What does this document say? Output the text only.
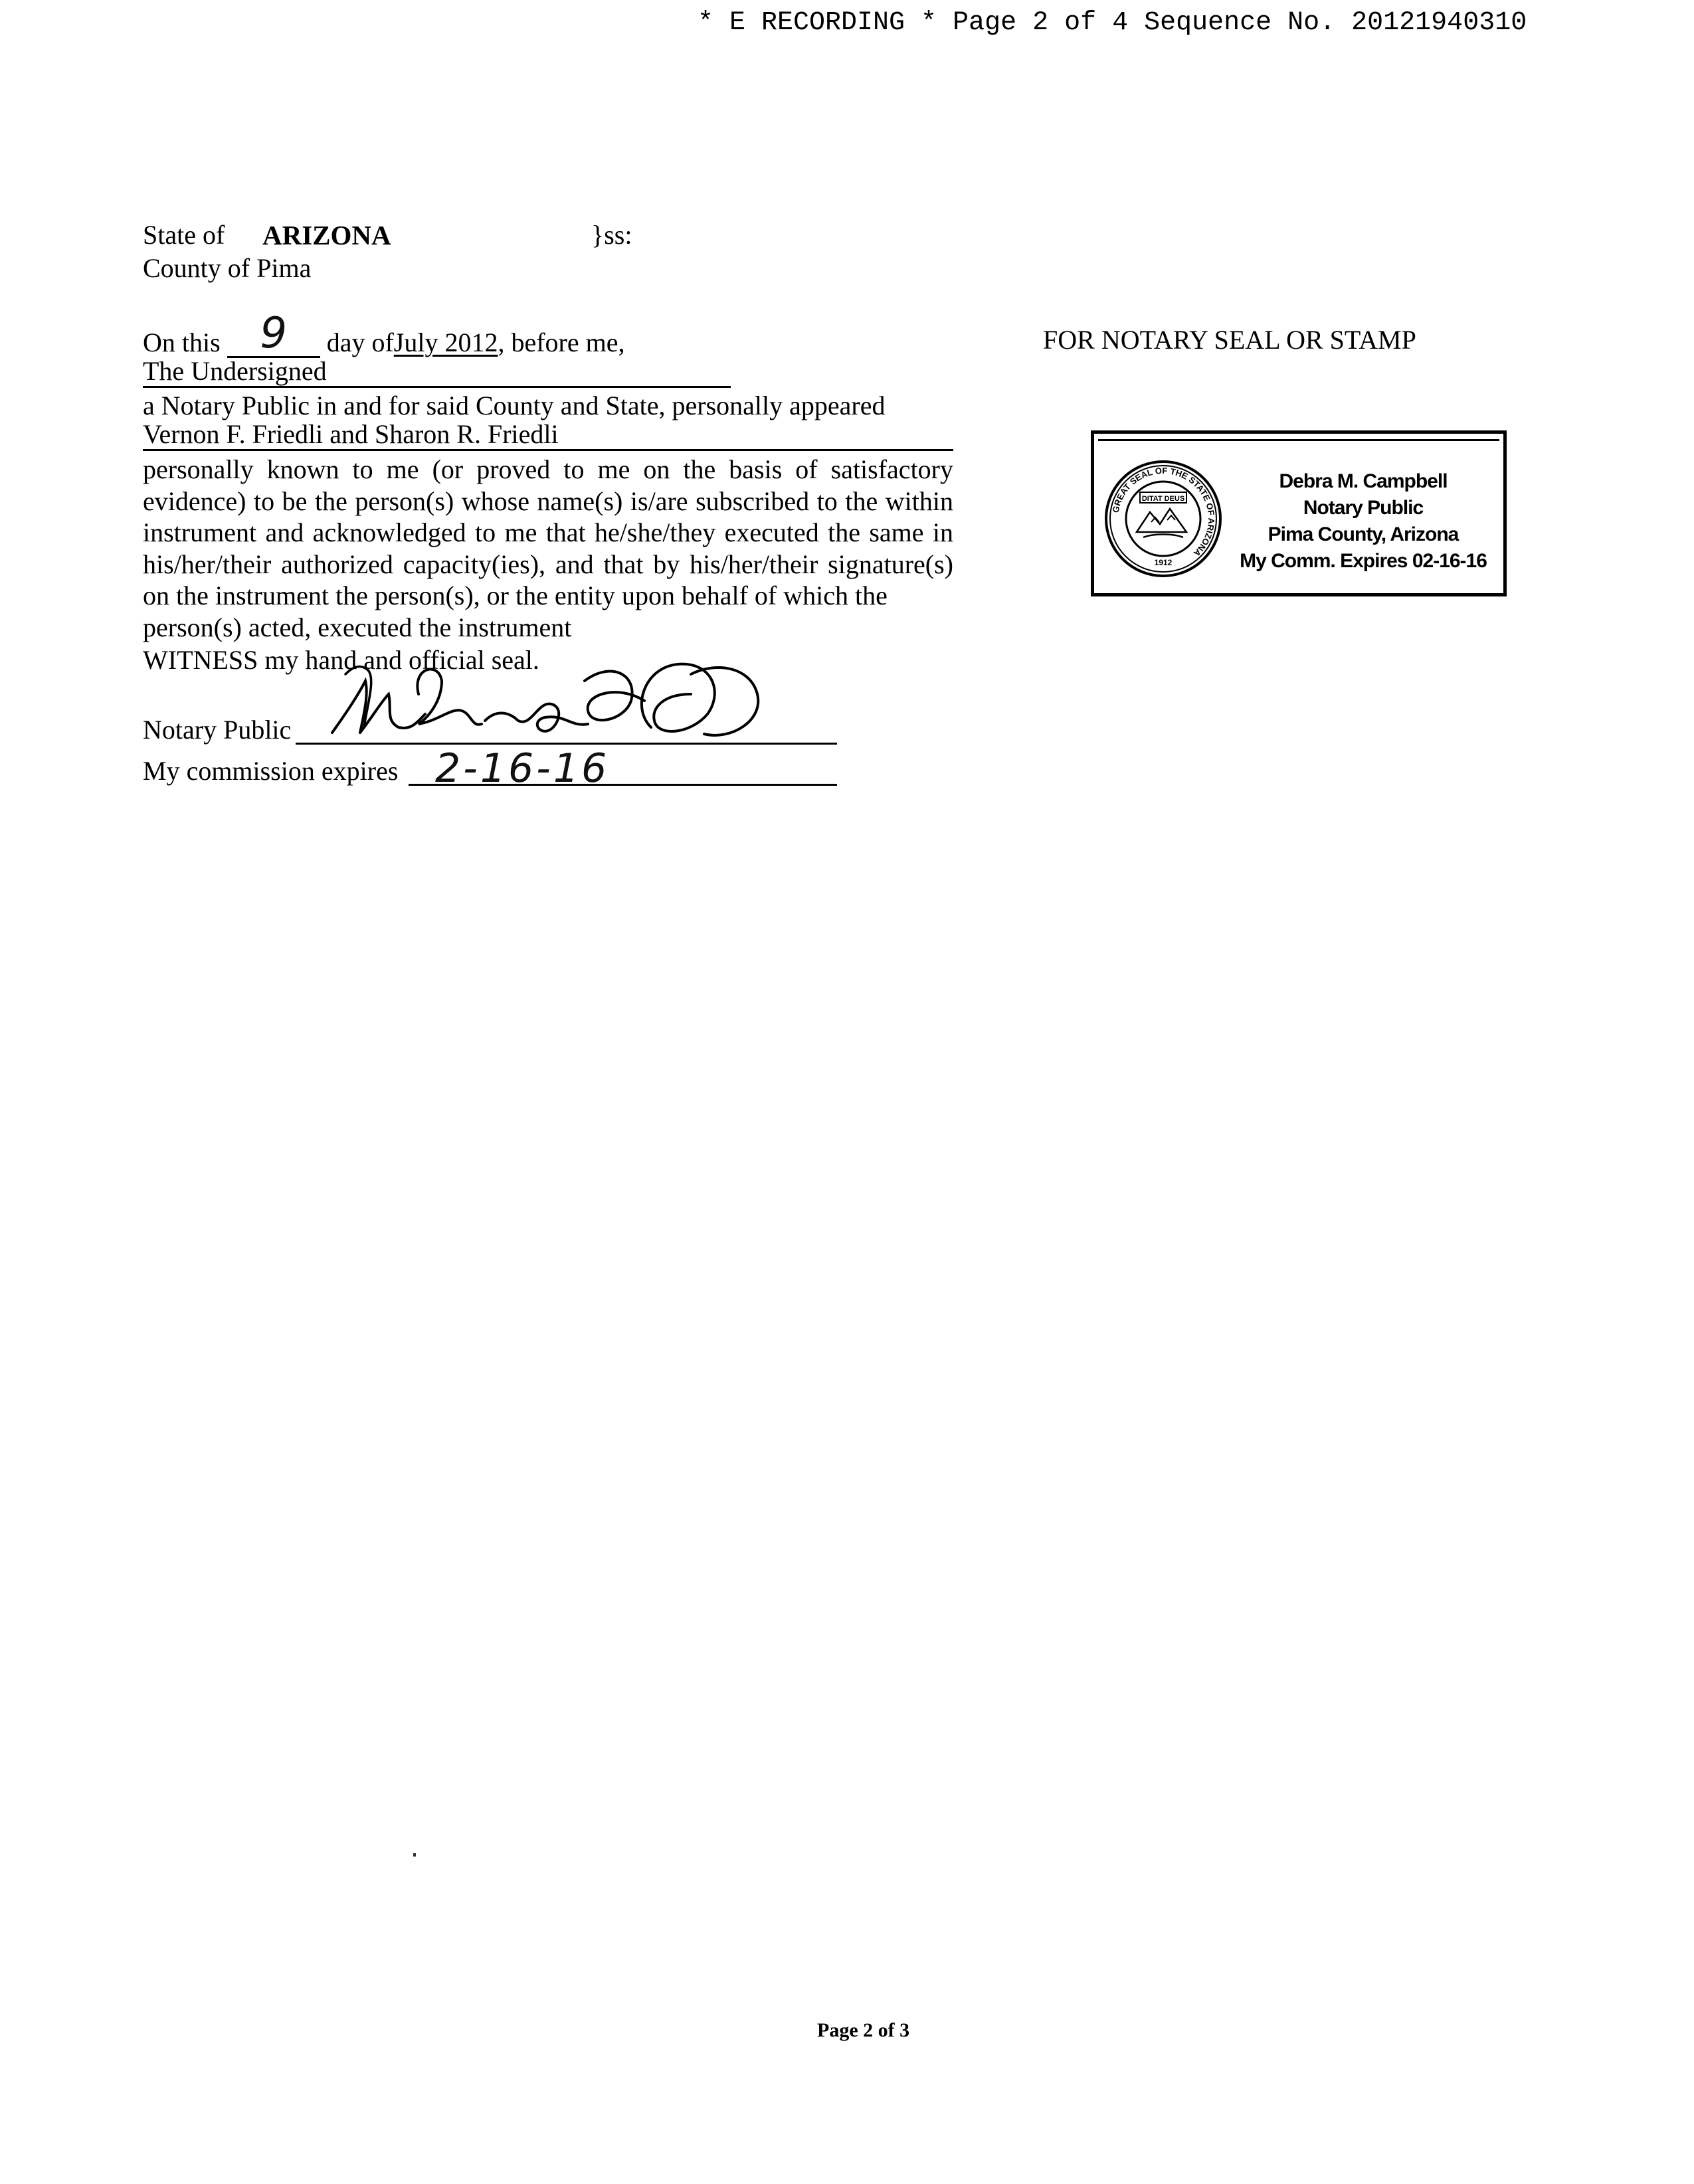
* E RECORDING * Page 2 of 4 Sequence No. 20121940310
State of ARIZONA	}ss:
County of Pima
On this 9 day ofJuly 2012, before me,
The Undersigned
a Notary Public in and for said County and State, personally appeared
Vernon F. Friedli and Sharon R. Friedli
personally known to me (or proved to me on the basis of satisfactory evidence) to be the person(s) whose name(s) is/are subscribed to the within instrument and acknowledged to me that he/she/they executed the same in his/her/their authorized capacity(ies), and that by his/her/their signature(s) on the instrument the person(s), or the entity upon behalf of which the
person(s) acted, executed the instrument
WITNESS my hand and official seal.
Notary Public
My commission expires 2-16-16
FOR NOTARY SEAL OR STAMP
GREAT SEAL OF THE STATE OF ARIZONA
DITAT DEUS
1912
Debra M. Campbell
Notary Public
Pima County, Arizona
My Comm. Expires 02-16-16
Page 2 of 3
